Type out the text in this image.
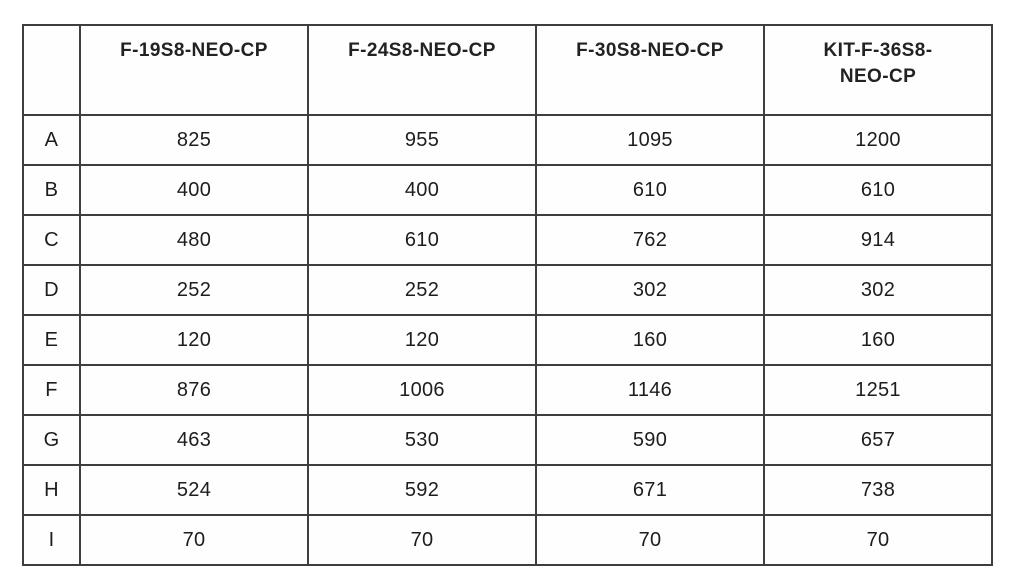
	F-19S8-NEO-CP	F-24S8-NEO-CP	F-30S8-NEO-CP	KIT-F-36S8-NEO-CP
A	825	955	1095	1200
B	400	400	610	610
C	480	610	762	914
D	252	252	302	302
E	120	120	160	160
F	876	1006	1146	1251
G	463	530	590	657
H	524	592	671	738
I	70	70	70	70
